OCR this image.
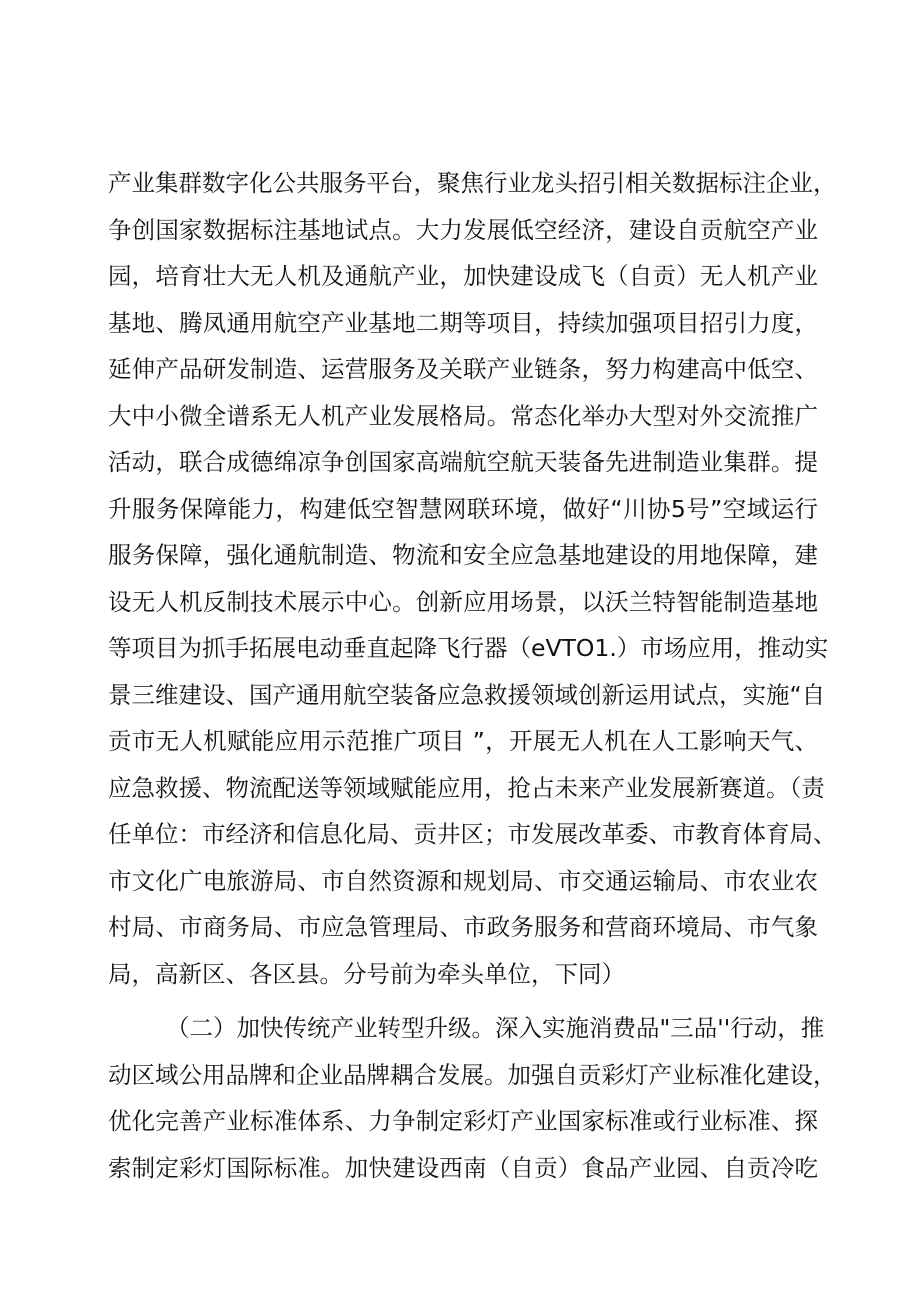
产业集群数字化公共服务平台，聚焦行业龙头招引相关数据标注企业，
争创国家数据标注基地试点。大力发展低空经济，建设自贡航空产业
园，培育壮大无人机及通航产业，加快建设成飞（自贡）无人机产业
基地、腾凤通用航空产业基地二期等项目，持续加强项目招引力度，
延伸产品研发制造、运营服务及关联产业链条，努力构建高中低空、
大中小微全谱系无人机产业发展格局。常态化举办大型对外交流推广
活动，联合成德绵凉争创国家高端航空航天装备先进制造业集群。提
升服务保障能力，构建低空智慧网联环境，做好“川协5号”空域运行
服务保障，强化通航制造、物流和安全应急基地建设的用地保障，建
设无人机反制技术展示中心。创新应用场景，以沃兰特智能制造基地
等项目为抓手拓展电动垂直起降飞行器（eVTO1.）市场应用，推动实
景三维建设、国产通用航空装备应急救援领域创新运用试点，实施“自
贡市无人机赋能应用示范推广项目 ”，开展无人机在人工影响天气、
应急救援、物流配送等领域赋能应用，抢占未来产业发展新赛道。（责
任单位：市经济和信息化局、贡井区；市发展改革委、市教育体育局、
市文化广电旅游局、市自然资源和规划局、市交通运输局、市农业农
村局、市商务局、市应急管理局、市政务服务和营商环境局、市气象
局，高新区、各区县。分号前为牵头单位，下同）
（二）加快传统产业转型升级。深入实施消费品"三品''行动，推
动区域公用品牌和企业品牌耦合发展。加强自贡彩灯产业标准化建设，
优化完善产业标准体系、力争制定彩灯产业国家标准或行业标准、探
索制定彩灯国际标准。加快建设西南（自贡）食品产业园、自贡冷吃
